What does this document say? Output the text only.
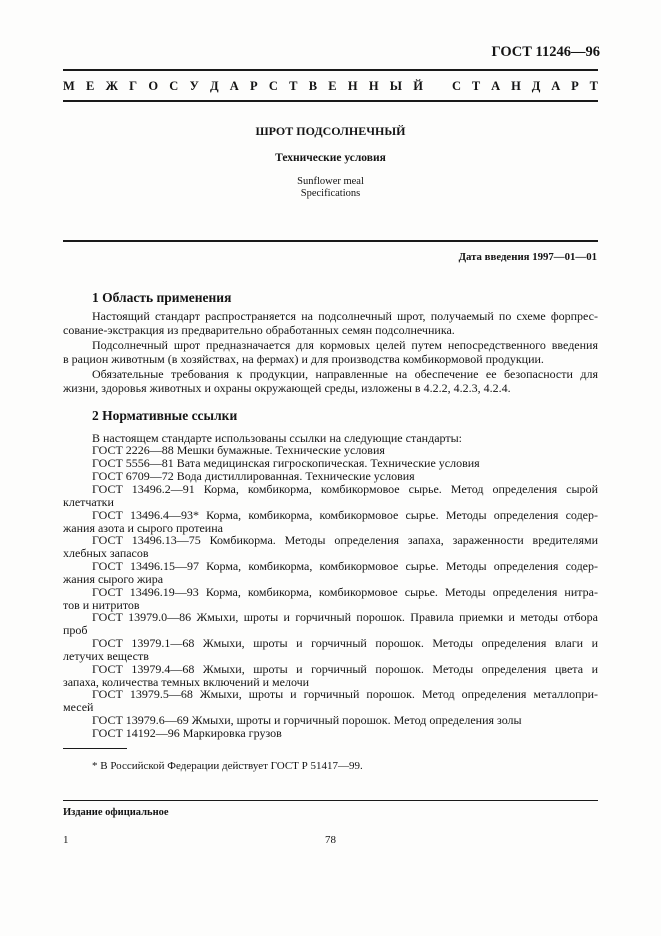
ГОСТ 11246—96
М Е Ж Г О С У Д А Р С Т В Е Н Н Ы Й С Т А Н Д А Р Т
ШРОТ ПОДСОЛНЕЧНЫЙ
Технические условия
Sunflower meal
Specifications
Дата введения 1997—01—01
1 Область применения
Настоящий стандарт распространяется на подсолнечный шрот, получаемый по схеме форпрес-
сование-экстракция из предварительно обработанных семян подсолнечника.
Подсолнечный шрот предназначается для кормовых целей путем непосредственного введения
в рацион животным (в хозяйствах, на фермах) и для производства комбикормовой продукции.
Обязательные требования к продукции, направленные на обеспечение ее безопасности для
жизни, здоровья животных и охраны окружающей среды, изложены в 4.2.2, 4.2.3, 4.2.4.
2 Нормативные ссылки
В настоящем стандарте использованы ссылки на следующие стандарты:
ГОСТ 2226—88 Мешки бумажные. Технические условия
ГОСТ 5556—81 Вата медицинская гигроскопическая. Технические условия
ГОСТ 6709—72 Вода дистиллированная. Технические условия
ГОСТ 13496.2—91 Корма, комбикорма, комбикормовое сырье. Метод определения сырой
клетчатки
ГОСТ 13496.4—93* Корма, комбикорма, комбикормовое сырье. Методы определения содер-
жания азота и сырого протеина
ГОСТ 13496.13—75 Комбикорма. Методы определения запаха, зараженности вредителями
хлебных запасов
ГОСТ 13496.15—97 Корма, комбикорма, комбикормовое сырье. Методы определения содер-
жания сырого жира
ГОСТ 13496.19—93 Корма, комбикорма, комбикормовое сырье. Методы определения нитра-
тов и нитритов
ГОСТ 13979.0—86 Жмыхи, шроты и горчичный порошок. Правила приемки и методы отбора
проб
ГОСТ 13979.1—68 Жмыхи, шроты и горчичный порошок. Методы определения влаги и
летучих веществ
ГОСТ 13979.4—68 Жмыхи, шроты и горчичный порошок. Методы определения цвета и
запаха, количества темных включений и мелочи
ГОСТ 13979.5—68 Жмыхи, шроты и горчичный порошок. Метод определения металлопри-
месей
ГОСТ 13979.6—69 Жмыхи, шроты и горчичный порошок. Метод определения золы
ГОСТ 14192—96 Маркировка грузов
* В Российской Федерации действует ГОСТ Р 51417—99.
Издание официальное
1	78
